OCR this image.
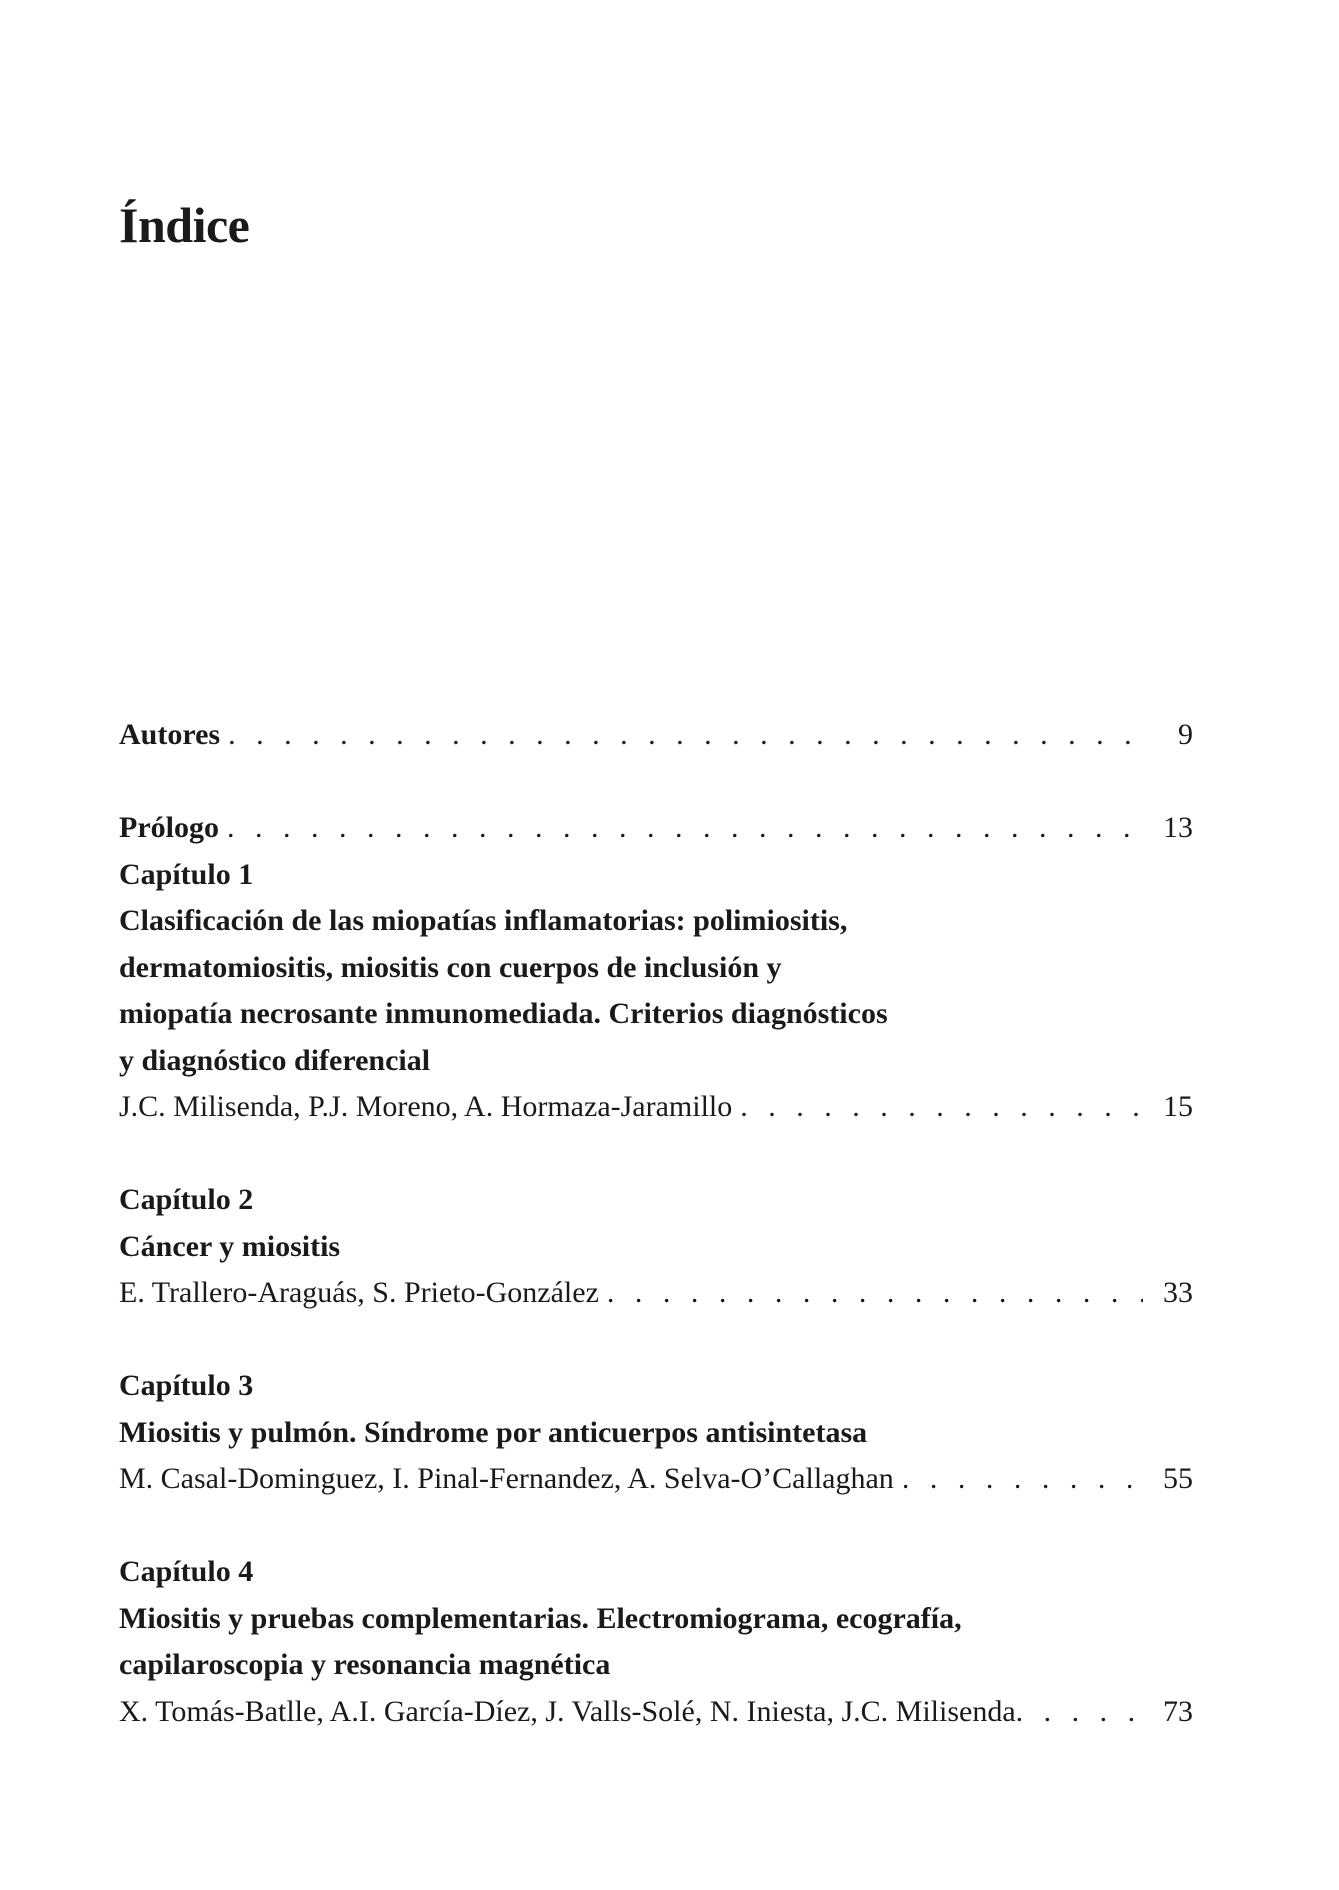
Índice
Autores . . .	9
Prólogo . . .	13
Capítulo 1
Clasificación de las miopatías inflamatorias: polimiositis,
dermatomiositis, miositis con cuerpos de inclusión y
miopatía necrosante inmunomediada. Criterios diagnósticos
y diagnóstico diferencial
J.C. Milisenda, P.J. Moreno, A. Hormaza-Jaramillo . . .	15
Capítulo 2
Cáncer y miositis
E. Trallero-Araguás, S. Prieto-González . . .	33
Capítulo 3
Miositis y pulmón. Síndrome por anticuerpos antisintetasa
M. Casal-Dominguez, I. Pinal-Fernandez, A. Selva-O’Callaghan . . .	55
Capítulo 4
Miositis y pruebas complementarias. Electromiograma, ecografía,
capilaroscopia y resonancia magnética
X. Tomás-Batlle, A.I. García-Díez, J. Valls-Solé, N. Iniesta, J.C. Milisenda . . .	73
